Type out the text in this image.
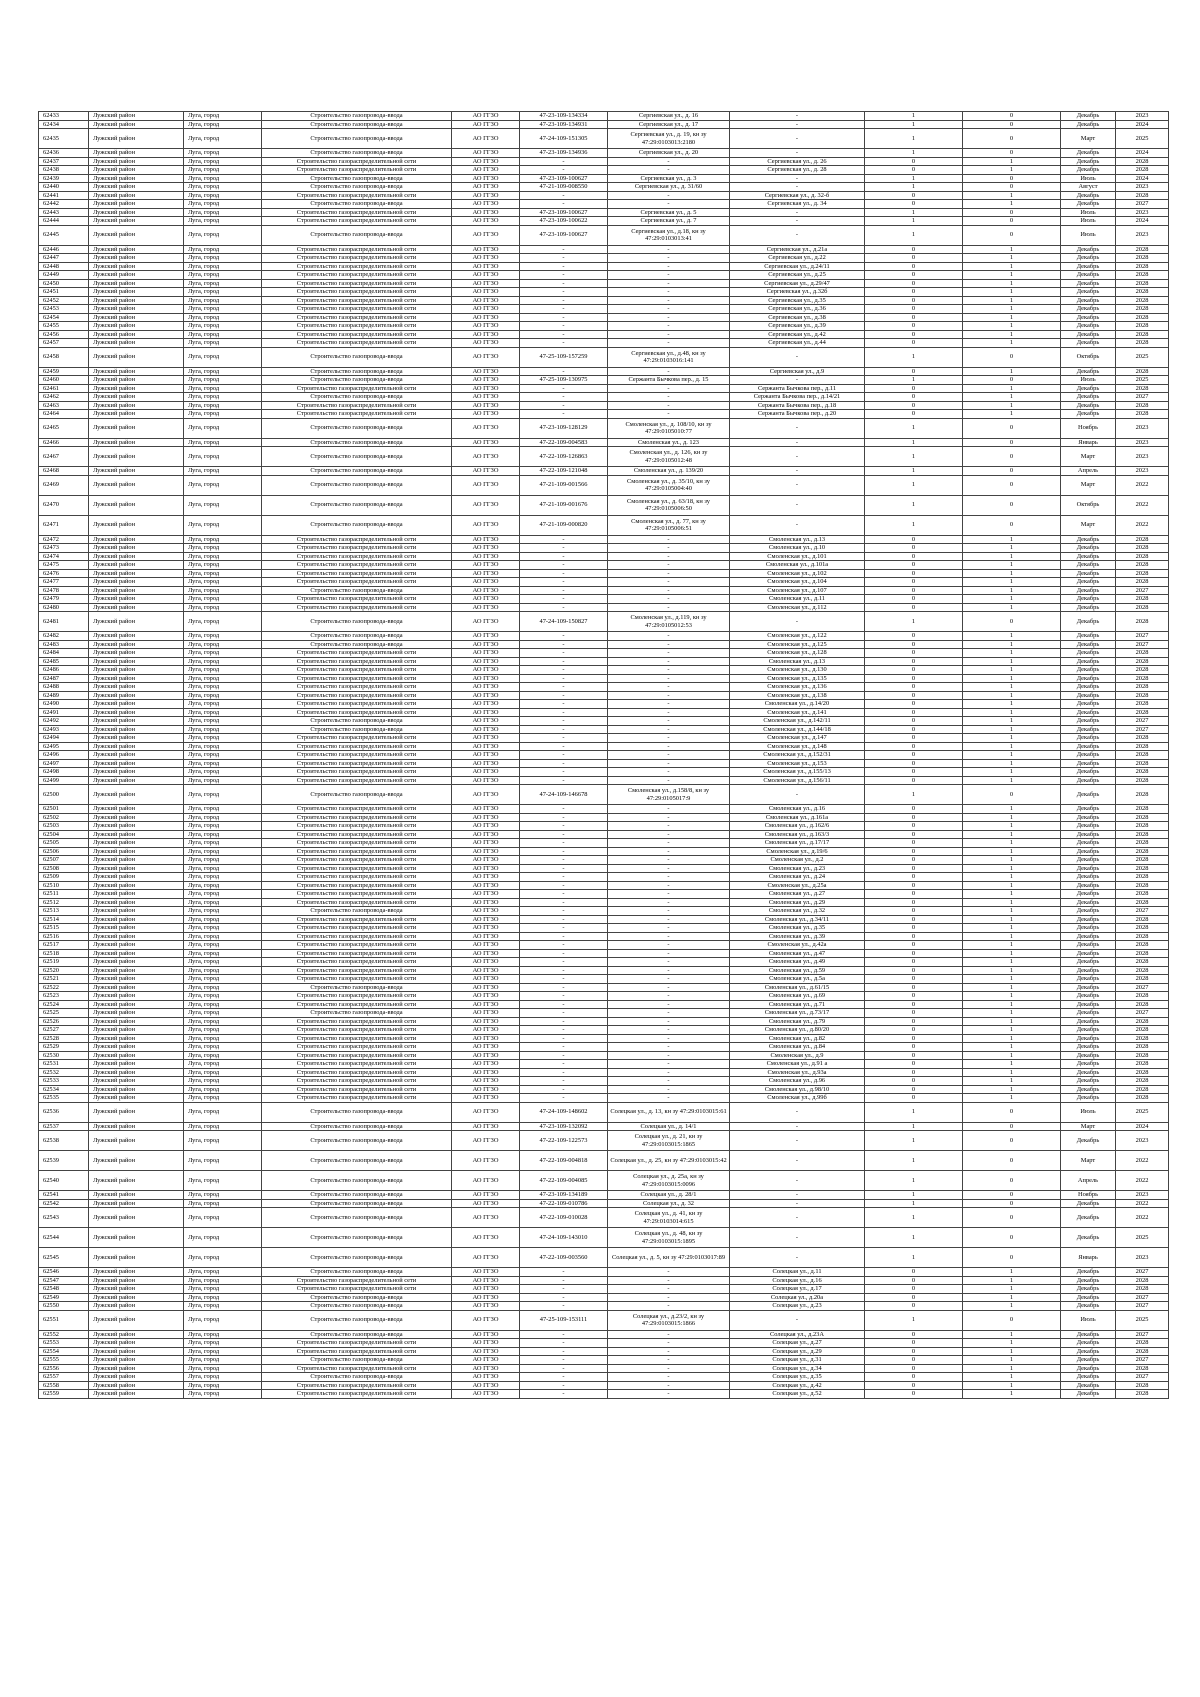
62433	Лужский район	Луга, город	Строительство газопровода-ввода	АО ГГЗО	47-23-109-134334	Сергиевская ул., д. 16	-	1	0	Декабрь	2023
62434	Лужский район	Луга, город	Строительство газопровода-ввода	АО ГГЗО	47-23-109-134931	Сергиевская ул., д. 17	-	1	0	Декабрь	2024
62435	Лужский район	Луга, город	Строительство газопровода-ввода	АО ГГЗО	47-24-109-151305	Сергиевская ул., д. 19, кн зу 47:29:0103013:2180	-	1	0	Март	2025
62436	Лужский район	Луга, город	Строительство газопровода-ввода	АО ГГЗО	47-23-109-134936	Сергиевская ул., д. 20	-	1	0	Декабрь	2024
62437	Лужский район	Луга, город	Строительство газораспределительной сети	АО ГГЗО	-	-	Сергиевская ул., д. 26	0	1	Декабрь	2028
62438	Лужский район	Луга, город	Строительство газораспределительной сети	АО ГГЗО	-	-	Сергиевская ул., д. 28	0	1	Декабрь	2028
62439	Лужский район	Луга, город	Строительство газопровода-ввода	АО ГГЗО	47-23-109-100627	Сергиевская ул., д. 3	-	1	0	Июль	2024
62440	Лужский район	Луга, город	Строительство газопровода-ввода	АО ГГЗО	47-21-109-008550	Сергиевская ул., д. 31/60	-	1	0	Август	2023
62441	Лужский район	Луга, город	Строительство газораспределительной сети	АО ГГЗО	-	-	Сергиевская ул., д. 32-б	0	1	Декабрь	2028
62442	Лужский район	Луга, город	Строительство газопровода-ввода	АО ГГЗО	-	-	Сергиевская ул., д. 34	0	1	Декабрь	2027
62443	Лужский район	Луга, город	Строительство газораспределительной сети	АО ГГЗО	47-23-109-100627	Сергиевская ул., д. 5	-	1	0	Июль	2023
62444	Лужский район	Луга, город	Строительство газораспределительной сети	АО ГГЗО	47-23-109-100622	Сергиевская ул., д. 7	-	1	0	Июль	2024
62445	Лужский район	Луга, город	Строительство газопровода-ввода	АО ГГЗО	47-23-109-100627	Сергиевская ул., д.18, кн зу 47:29:0103013:41	-	1	0	Июль	2023
62446	Лужский район	Луга, город	Строительство газораспределительной сети	АО ГГЗО	-	-	Сергиевская ул., д.21а	0	1	Декабрь	2028
62447	Лужский район	Луга, город	Строительство газораспределительной сети	АО ГГЗО	-	-	Сергиевская ул., д.22	0	1	Декабрь	2028
62448	Лужский район	Луга, город	Строительство газораспределительной сети	АО ГГЗО	-	-	Сергиевская ул., д.24/11	0	1	Декабрь	2028
62449	Лужский район	Луга, город	Строительство газораспределительной сети	АО ГГЗО	-	-	Сергиевская ул., д.25	0	1	Декабрь	2028
62450	Лужский район	Луга, город	Строительство газораспределительной сети	АО ГГЗО	-	-	Сергиевская ул., д.29/47	0	1	Декабрь	2028
62451	Лужский район	Луга, город	Строительство газораспределительной сети	АО ГГЗО	-	-	Сергиевская ул., д.32б	0	1	Декабрь	2028
62452	Лужский район	Луга, город	Строительство газораспределительной сети	АО ГГЗО	-	-	Сергиевская ул., д.35	0	1	Декабрь	2028
62453	Лужский район	Луга, город	Строительство газораспределительной сети	АО ГГЗО	-	-	Сергиевская ул., д.36	0	1	Декабрь	2028
62454	Лужский район	Луга, город	Строительство газораспределительной сети	АО ГГЗО	-	-	Сергиевская ул., д.38	0	1	Декабрь	2028
62455	Лужский район	Луга, город	Строительство газораспределительной сети	АО ГГЗО	-	-	Сергиевская ул., д.39	0	1	Декабрь	2028
62456	Лужский район	Луга, город	Строительство газораспределительной сети	АО ГГЗО	-	-	Сергиевская ул., д.42	0	1	Декабрь	2028
62457	Лужский район	Луга, город	Строительство газораспределительной сети	АО ГГЗО	-	-	Сергиевская ул., д.44	0	1	Декабрь	2028
62458	Лужский район	Луга, город	Строительство газопровода-ввода	АО ГГЗО	47-25-109-157259	Сергиевская ул., д.48, кн зу 47:29:0103016:141	-	1	0	Октябрь	2025
62459	Лужский район	Луга, город	Строительство газопровода-ввода	АО ГГЗО	-	-	Сергиевская ул., д.9	0	1	Декабрь	2028
62460	Лужский район	Луга, город	Строительство газопровода-ввода	АО ГГЗО	47-25-109-130975	Сержанта Бычкова пер., д. 15	-	1	0	Июль	2025
62461	Лужский район	Луга, город	Строительство газораспределительной сети	АО ГГЗО	-	-	Сержанта Бычкова пер., д.11	0	1	Декабрь	2028
62462	Лужский район	Луга, город	Строительство газопровода-ввода	АО ГГЗО	-	-	Сержанта Бычкова пер., д.14/21	0	1	Декабрь	2027
62463	Лужский район	Луга, город	Строительство газораспределительной сети	АО ГГЗО	-	-	Сержанта Бычкова пер., д.18	0	1	Декабрь	2028
62464	Лужский район	Луга, город	Строительство газораспределительной сети	АО ГГЗО	-	-	Сержанта Бычкова пер., д.20	0	1	Декабрь	2028
62465	Лужский район	Луга, город	Строительство газопровода-ввода	АО ГГЗО	47-23-109-128129	Смоленская ул., д. 108/10, кн зу 47:29:0105010:77	-	1	0	Ноябрь	2023
62466	Лужский район	Луга, город	Строительство газопровода-ввода	АО ГГЗО	47-22-109-004583	Смоленская ул., д. 123	-	1	0	Январь	2023
62467	Лужский район	Луга, город	Строительство газопровода-ввода	АО ГГЗО	47-22-109-126863	Смоленская ул., д. 126, кн зу 47:29:0105012:48	-	1	0	Март	2023
62468	Лужский район	Луга, город	Строительство газопровода-ввода	АО ГГЗО	47-22-109-121048	Смоленская ул., д. 139/20	-	1	0	Апрель	2023
62469	Лужский район	Луга, город	Строительство газопровода-ввода	АО ГГЗО	47-21-109-001566	Смоленская ул., д. 35/10, кн зу 47:29:0105004:40	-	1	0	Март	2022
62470	Лужский район	Луга, город	Строительство газопровода-ввода	АО ГГЗО	47-21-109-001676	Смоленская ул., д. 63/18, кн зу 47:29:0105006:50	-	1	0	Октябрь	2022
62471	Лужский район	Луга, город	Строительство газопровода-ввода	АО ГГЗО	47-21-109-000820	Смоленская ул., д. 77, кн зу 47:29:0105006:51	-	1	0	Март	2022
62472	Лужский район	Луга, город	Строительство газораспределительной сети	АО ГГЗО	-	-	Смоленская ул., д.13	0	1	Декабрь	2028
62473	Лужский район	Луга, город	Строительство газораспределительной сети	АО ГГЗО	-	-	Смоленская ул., д.10	0	1	Декабрь	2028
62474	Лужский район	Луга, город	Строительство газораспределительной сети	АО ГГЗО	-	-	Смоленская ул., д.101	0	1	Декабрь	2028
62475	Лужский район	Луга, город	Строительство газораспределительной сети	АО ГГЗО	-	-	Смоленская ул., д.101а	0	1	Декабрь	2028
62476	Лужский район	Луга, город	Строительство газораспределительной сети	АО ГГЗО	-	-	Смоленская ул., д.102	0	1	Декабрь	2028
62477	Лужский район	Луга, город	Строительство газораспределительной сети	АО ГГЗО	-	-	Смоленская ул., д.104	0	1	Декабрь	2028
62478	Лужский район	Луга, город	Строительство газопровода-ввода	АО ГГЗО	-	-	Смоленская ул., д.107	0	1	Декабрь	2027
62479	Лужский район	Луга, город	Строительство газораспределительной сети	АО ГГЗО	-	-	Смоленская ул., д.11	0	1	Декабрь	2028
62480	Лужский район	Луга, город	Строительство газораспределительной сети	АО ГГЗО	-	-	Смоленская ул., д.112	0	1	Декабрь	2028
62481	Лужский район	Луга, город	Строительство газопровода-ввода	АО ГГЗО	47-24-109-150827	Смоленская ул., д.119, кн зу 47:29:0105012:53	-	1	0	Декабрь	2028
62482	Лужский район	Луга, город	Строительство газопровода-ввода	АО ГГЗО	-	-	Смоленская ул., д.122	0	1	Декабрь	2027
62483	Лужский район	Луга, город	Строительство газопровода-ввода	АО ГГЗО	-	-	Смоленская ул., д.125	0	1	Декабрь	2027
62484	Лужский район	Луга, город	Строительство газораспределительной сети	АО ГГЗО	-	-	Смоленская ул., д.128	0	1	Декабрь	2028
62485	Лужский район	Луга, город	Строительство газораспределительной сети	АО ГГЗО	-	-	Смоленская ул., д.13	0	1	Декабрь	2028
62486	Лужский район	Луга, город	Строительство газораспределительной сети	АО ГГЗО	-	-	Смоленская ул., д.130	0	1	Декабрь	2028
62487	Лужский район	Луга, город	Строительство газораспределительной сети	АО ГГЗО	-	-	Смоленская ул., д.135	0	1	Декабрь	2028
62488	Лужский район	Луга, город	Строительство газораспределительной сети	АО ГГЗО	-	-	Смоленская ул., д.136	0	1	Декабрь	2028
62489	Лужский район	Луга, город	Строительство газораспределительной сети	АО ГГЗО	-	-	Смоленская ул., д.138	0	1	Декабрь	2028
62490	Лужский район	Луга, город	Строительство газораспределительной сети	АО ГГЗО	-	-	Смоленская ул., д.14/20	0	1	Декабрь	2028
62491	Лужский район	Луга, город	Строительство газораспределительной сети	АО ГГЗО	-	-	Смоленская ул., д.141	0	1	Декабрь	2028
62492	Лужский район	Луга, город	Строительство газопровода-ввода	АО ГГЗО	-	-	Смоленская ул., д.142/11	0	1	Декабрь	2027
62493	Лужский район	Луга, город	Строительство газопровода-ввода	АО ГГЗО	-	-	Смоленская ул., д.144/18	0	1	Декабрь	2027
62494	Лужский район	Луга, город	Строительство газораспределительной сети	АО ГГЗО	-	-	Смоленская ул., д.147	0	1	Декабрь	2028
62495	Лужский район	Луга, город	Строительство газораспределительной сети	АО ГГЗО	-	-	Смоленская ул., д.148	0	1	Декабрь	2028
62496	Лужский район	Луга, город	Строительство газораспределительной сети	АО ГГЗО	-	-	Смоленская ул., д.152/31	0	1	Декабрь	2028
62497	Лужский район	Луга, город	Строительство газораспределительной сети	АО ГГЗО	-	-	Смоленская ул., д.153	0	1	Декабрь	2028
62498	Лужский район	Луга, город	Строительство газораспределительной сети	АО ГГЗО	-	-	Смоленская ул., д.155/13	0	1	Декабрь	2028
62499	Лужский район	Луга, город	Строительство газораспределительной сети	АО ГГЗО	-	-	Смоленская ул., д.156/11	0	1	Декабрь	2028
62500	Лужский район	Луга, город	Строительство газопровода-ввода	АО ГГЗО	47-24-109-146678	Смоленская ул., д.158/8, кн зу 47:29:0105017:9	-	1	0	Декабрь	2028
62501	Лужский район	Луга, город	Строительство газораспределительной сети	АО ГГЗО	-	-	Смоленская ул., д.16	0	1	Декабрь	2028
62502	Лужский район	Луга, город	Строительство газораспределительной сети	АО ГГЗО	-	-	Смоленская ул., д.161а	0	1	Декабрь	2028
62503	Лужский район	Луга, город	Строительство газораспределительной сети	АО ГГЗО	-	-	Смоленская ул., д.162/6	0	1	Декабрь	2028
62504	Лужский район	Луга, город	Строительство газораспределительной сети	АО ГГЗО	-	-	Смоленская ул., д.163/3	0	1	Декабрь	2028
62505	Лужский район	Луга, город	Строительство газораспределительной сети	АО ГГЗО	-	-	Смоленская ул., д.17/17	0	1	Декабрь	2028
62506	Лужский район	Луга, город	Строительство газораспределительной сети	АО ГГЗО	-	-	Смоленская ул., д.19/6	0	1	Декабрь	2028
62507	Лужский район	Луга, город	Строительство газораспределительной сети	АО ГГЗО	-	-	Смоленская ул., д.2	0	1	Декабрь	2028
62508	Лужский район	Луга, город	Строительство газораспределительной сети	АО ГГЗО	-	-	Смоленская ул., д.23	0	1	Декабрь	2028
62509	Лужский район	Луга, город	Строительство газораспределительной сети	АО ГГЗО	-	-	Смоленская ул., д.24	0	1	Декабрь	2028
62510	Лужский район	Луга, город	Строительство газораспределительной сети	АО ГГЗО	-	-	Смоленская ул., д.25а	0	1	Декабрь	2028
62511	Лужский район	Луга, город	Строительство газораспределительной сети	АО ГГЗО	-	-	Смоленская ул., д.27	0	1	Декабрь	2028
62512	Лужский район	Луга, город	Строительство газораспределительной сети	АО ГГЗО	-	-	Смоленская ул., д.29	0	1	Декабрь	2028
62513	Лужский район	Луга, город	Строительство газопровода-ввода	АО ГГЗО	-	-	Смоленская ул., д.32	0	1	Декабрь	2027
62514	Лужский район	Луга, город	Строительство газораспределительной сети	АО ГГЗО	-	-	Смоленская ул., д.34/11	0	1	Декабрь	2028
62515	Лужский район	Луга, город	Строительство газораспределительной сети	АО ГГЗО	-	-	Смоленская ул., д.35	0	1	Декабрь	2028
62516	Лужский район	Луга, город	Строительство газораспределительной сети	АО ГГЗО	-	-	Смоленская ул., д.39	0	1	Декабрь	2028
62517	Лужский район	Луга, город	Строительство газораспределительной сети	АО ГГЗО	-	-	Смоленская ул., д.42а	0	1	Декабрь	2028
62518	Лужский район	Луга, город	Строительство газораспределительной сети	АО ГГЗО	-	-	Смоленская ул., д.47	0	1	Декабрь	2028
62519	Лужский район	Луга, город	Строительство газораспределительной сети	АО ГГЗО	-	-	Смоленская ул., д.49	0	1	Декабрь	2028
62520	Лужский район	Луга, город	Строительство газораспределительной сети	АО ГГЗО	-	-	Смоленская ул., д.59	0	1	Декабрь	2028
62521	Лужский район	Луга, город	Строительство газораспределительной сети	АО ГГЗО	-	-	Смоленская ул., д.5а	0	1	Декабрь	2028
62522	Лужский район	Луга, город	Строительство газопровода-ввода	АО ГГЗО	-	-	Смоленская ул., д.61/15	0	1	Декабрь	2027
62523	Лужский район	Луга, город	Строительство газораспределительной сети	АО ГГЗО	-	-	Смоленская ул., д.69	0	1	Декабрь	2028
62524	Лужский район	Луга, город	Строительство газораспределительной сети	АО ГГЗО	-	-	Смоленская ул., д.71	0	1	Декабрь	2028
62525	Лужский район	Луга, город	Строительство газопровода-ввода	АО ГГЗО	-	-	Смоленская ул., д.73/17	0	1	Декабрь	2027
62526	Лужский район	Луга, город	Строительство газораспределительной сети	АО ГГЗО	-	-	Смоленская ул., д.79	0	1	Декабрь	2028
62527	Лужский район	Луга, город	Строительство газораспределительной сети	АО ГГЗО	-	-	Смоленская ул., д.80/20	0	1	Декабрь	2028
62528	Лужский район	Луга, город	Строительство газораспределительной сети	АО ГГЗО	-	-	Смоленская ул., д.82	0	1	Декабрь	2028
62529	Лужский район	Луга, город	Строительство газораспределительной сети	АО ГГЗО	-	-	Смоленская ул., д.84	0	1	Декабрь	2028
62530	Лужский район	Луга, город	Строительство газораспределительной сети	АО ГГЗО	-	-	Смоленская ул., д.9	0	1	Декабрь	2028
62531	Лужский район	Луга, город	Строительство газораспределительной сети	АО ГГЗО	-	-	Смоленская ул., д.91 а	0	1	Декабрь	2028
62532	Лужский район	Луга, город	Строительство газораспределительной сети	АО ГГЗО	-	-	Смоленская ул., д.93а	0	1	Декабрь	2028
62533	Лужский район	Луга, город	Строительство газораспределительной сети	АО ГГЗО	-	-	Смоленская ул., д.96	0	1	Декабрь	2028
62534	Лужский район	Луга, город	Строительство газораспределительной сети	АО ГГЗО	-	-	Смоленская ул., д.98/10	0	1	Декабрь	2028
62535	Лужский район	Луга, город	Строительство газораспределительной сети	АО ГГЗО	-	-	Смоленская ул., д.99б	0	1	Декабрь	2028
62536	Лужский район	Луга, город	Строительство газопровода-ввода	АО ГГЗО	47-24-109-148602	Солецкая ул., д. 13, кн зу 47:29:0103015:61	-	1	0	Июль	2025
62537	Лужский район	Луга, город	Строительство газопровода-ввода	АО ГГЗО	47-23-109-132092	Солецкая ул., д. 14/1	-	1	0	Март	2024
62538	Лужский район	Луга, город	Строительство газопровода-ввода	АО ГГЗО	47-22-109-122573	Солецкая ул., д. 21, кн зу 47:29:0103015:1865	-	1	0	Декабрь	2023
62539	Лужский район	Луга, город	Строительство газопровода-ввода	АО ГГЗО	47-22-109-004818	Солецкая ул., д. 25, кн зу 47:29:0103015:42	-	1	0	Март	2022
62540	Лужский район	Луга, город	Строительство газопровода-ввода	АО ГГЗО	47-22-109-004085	Солецкая ул., д. 25а, кн зу 47:29:0103015:0096	-	1	0	Апрель	2022
62541	Лужский район	Луга, город	Строительство газопровода-ввода	АО ГГЗО	47-23-109-134189	Солецкая ул., д. 28/1	-	1	0	Ноябрь	2023
62542	Лужский район	Луга, город	Строительство газопровода-ввода	АО ГГЗО	47-22-109-010786	Солецкая ул., д. 32	-	1	0	Декабрь	2022
62543	Лужский район	Луга, город	Строительство газопровода-ввода	АО ГГЗО	47-22-109-010028	Солецкая ул., д. 41, кн зу 47:29:0103014:615	-	1	0	Декабрь	2022
62544	Лужский район	Луга, город	Строительство газопровода-ввода	АО ГГЗО	47-24-109-143010	Солецкая ул., д. 48, кн зу 47:29:0103015:1895	-	1	0	Декабрь	2025
62545	Лужский район	Луга, город	Строительство газопровода-ввода	АО ГГЗО	47-22-109-003560	Солецкая ул., д. 5, кн зу 47:29:0103017:89	-	1	0	Январь	2023
62546	Лужский район	Луга, город	Строительство газопровода-ввода	АО ГГЗО	-	-	Солецкая ул., д.11	0	1	Декабрь	2027
62547	Лужский район	Луга, город	Строительство газораспределительной сети	АО ГГЗО	-	-	Солецкая ул., д.16	0	1	Декабрь	2028
62548	Лужский район	Луга, город	Строительство газораспределительной сети	АО ГГЗО	-	-	Солецкая ул., д.17	0	1	Декабрь	2028
62549	Лужский район	Луга, город	Строительство газопровода-ввода	АО ГГЗО	-	-	Солецкая ул., д.20а	0	1	Декабрь	2027
62550	Лужский район	Луга, город	Строительство газопровода-ввода	АО ГГЗО	-	-	Солецкая ул., д.23	0	1	Декабрь	2027
62551	Лужский район	Луга, город	Строительство газопровода-ввода	АО ГГЗО	47-25-109-153111	Солецкая ул., д.23/2, кн зу 47:29:0103015:1866	-	1	0	Июль	2025
62552	Лужский район	Луга, город	Строительство газопровода-ввода	АО ГГЗО	-	-	Солецкая ул., д.23А	0	1	Декабрь	2027
62553	Лужский район	Луга, город	Строительство газораспределительной сети	АО ГГЗО	-	-	Солецкая ул., д.27	0	1	Декабрь	2028
62554	Лужский район	Луга, город	Строительство газораспределительной сети	АО ГГЗО	-	-	Солецкая ул., д.29	0	1	Декабрь	2028
62555	Лужский район	Луга, город	Строительство газопровода-ввода	АО ГГЗО	-	-	Солецкая ул., д.31	0	1	Декабрь	2027
62556	Лужский район	Луга, город	Строительство газораспределительной сети	АО ГГЗО	-	-	Солецкая ул., д.34	0	1	Декабрь	2028
62557	Лужский район	Луга, город	Строительство газопровода-ввода	АО ГГЗО	-	-	Солецкая ул., д.35	0	1	Декабрь	2027
62558	Лужский район	Луга, город	Строительство газораспределительной сети	АО ГГЗО	-	-	Солецкая ул., д.42	0	1	Декабрь	2028
62559	Лужский район	Луга, город	Строительство газораспределительной сети	АО ГГЗО	-	-	Солецкая ул., д.52	0	1	Декабрь	2028
